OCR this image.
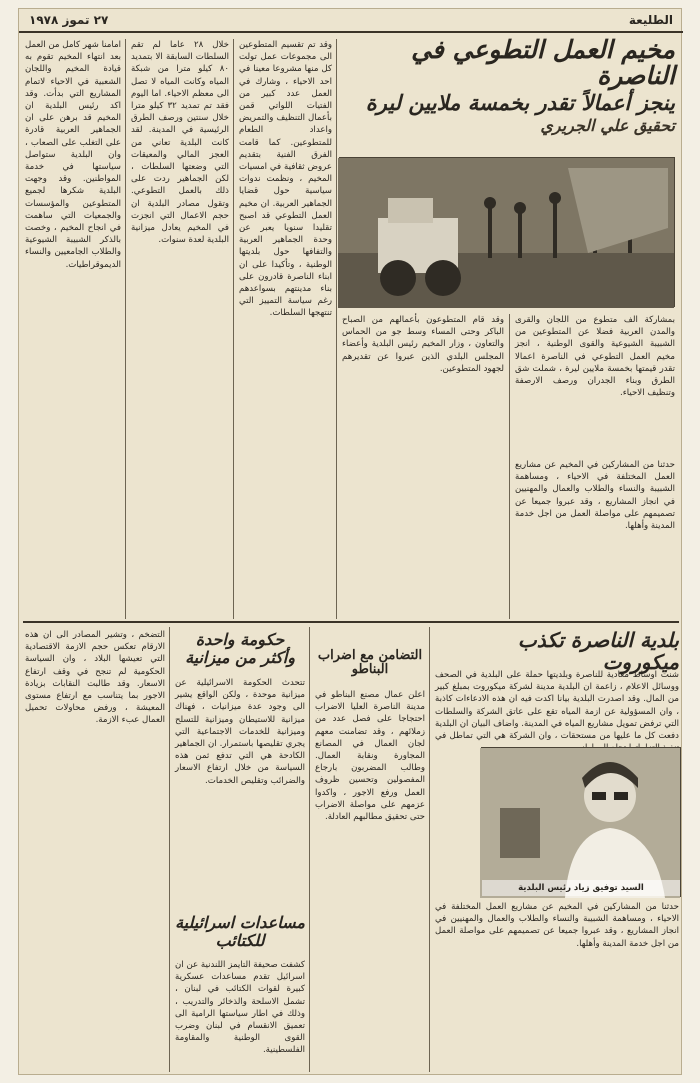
الطليعة
٢٧ تموز ١٩٧٨
مخيم العمل التطوعي في الناصرة
ينجز أعمالاً تقدر بخمسة ملايين ليرة
تحقيق علي الجريري

امامنا شهر كامل من العمل بعد انتهاء المخيم تقوم به قيادة المخيم واللجان الشعبية في الاحياء لاتمام المشاريع التي بدأت. وقد اكد رئيس البلدية ان المخيم قد برهن على ان الجماهير العربية قادرة على التغلب على الصعاب ، وان البلدية ستواصل سياستها في خدمة المواطنين. وقد وجهت البلدية شكرها لجميع المتطوعين والمؤسسات والجمعيات التي ساهمت في انجاح المخيم ، وخصت بالذكر الشبيبة الشيوعية والطلاب الجامعيين والنساء الديموقراطيات.

خلال ٢٨ عاما لم تقم السلطات السابقة الا بتمديد ٨٠ كيلو مترا من شبكة المياه وكانت المياه لا تصل الى معظم الاحياء. اما اليوم فقد تم تمديد ٣٢ كيلو مترا خلال سنتين ورصف الطرق الرئيسية في المدينة. لقد كانت البلدية تعاني من العجز المالي والمعيقات التي وضعتها السلطات ، لكن الجماهير ردت على ذلك بالعمل التطوعي. وتقول مصادر البلدية ان حجم الاعمال التي انجزت في المخيم يعادل ميزانية البلدية لعدة سنوات.

وقد تم تقسيم المتطوعين الى مجموعات عمل تولت كل منها مشروعا معينا في احد الاحياء ، وشارك في العمل عدد كبير من الفتيات اللواتي قمن بأعمال التنظيف والتمريض واعداد الطعام للمتطوعين. كما قامت الفرق الفنية بتقديم عروض ثقافية في امسيات المخيم ، ونظمت ندوات سياسية حول قضايا الجماهير العربية. ان مخيم العمل التطوعي قد اصبح تقليدا سنويا يعبر عن وحدة الجماهير العربية والتفافها حول بلديتها الوطنية ، وتأكيدا على ان ابناء الناصرة قادرون على بناء مدينتهم بسواعدهم رغم سياسة التمييز التي تنتهجها السلطات.

وقد قام المتطوعون بأعمالهم من الصباح الباكر وحتى المساء وسط جو من الحماس والتعاون ، وزار المخيم رئيس البلدية وأعضاء المجلس البلدي الذين عبروا عن تقديرهم لجهود المتطوعين.

بمشاركة الف متطوع من اللجان والقرى والمدن العربية فضلا عن المتطوعين من الشبيبة الشيوعية والقوى الوطنية ، انجز مخيم العمل التطوعي في الناصرة اعمالا تقدر قيمتها بخمسة ملايين ليرة ، شملت شق الطرق وبناء الجدران ورصف الارصفة وتنظيف الاحياء.

حدثنا من المشاركين في المخيم عن مشاريع العمل المختلفة في الاحياء ، ومساهمة الشبيبة والنساء والطلاب والعمال والمهنيين في انجاز المشاريع ، وقد عبروا جميعا عن تصميمهم على مواصلة العمل من اجل خدمة المدينة وأهلها.

بلدية الناصرة تكذب ميكوروت

شنت اوساط معادية للناصرة وبلديتها حملة على البلدية في الصحف ووسائل الاعلام ، زاعمة ان البلدية مدينة لشركة ميكوروت بمبلغ كبير من المال. وقد اصدرت البلدية بيانا اكدت فيه ان هذه الادعاءات كاذبة ، وان المسؤولية عن ازمة المياه تقع على عاتق الشركة والسلطات التي ترفض تمويل مشاريع المياه في المدينة. واضاف البيان ان البلدية دفعت كل ما عليها من مستحقات ، وان الشركة هي التي تماطل في

السيد توفيق زياد رئيس البلدية

حدثنا من المشاركين في المخيم عن مشاريع العمل المختلفة في الاحياء ، ومساهمة الشبيبة والنساء والطلاب والعمال والمهنيين في انجاز المشاريع ، وقد عبروا جميعا عن تصميمهم على مواصلة العمل من اجل خدمة المدينة وأهلها.

التضامن مع اضراب البناطو

اعلن عمال مصنع البناطو في مدينة الناصرة العليا الاضراب احتجاجا على فصل عدد من زملائهم ، وقد تضامنت معهم لجان العمال في المصانع المجاورة ونقابة العمال. وطالب المضربون بارجاع المفصولين وتحسين ظروف العمل ورفع الاجور ، واكدوا عزمهم على مواصلة الاضراب حتى تحقيق مطالبهم العادلة.

حكومة واحدة
وأكثر من ميزانية

تتحدث الحكومة الاسرائيلية عن ميزانية موحدة ، ولكن الواقع يشير الى وجود عدة ميزانيات ، فهناك ميزانية للاستيطان وميزانية للتسلح وميزانية للخدمات الاجتماعية التي يجري تقليصها باستمرار. ان الجماهير الكادحة هي التي تدفع ثمن هذه السياسة من خلال ارتفاع الاسعار والضرائب وتقليص الخدمات.

مساعدات اسرائيلية
للكتائب

كشفت صحيفة التايمز اللندنية عن ان اسرائيل تقدم مساعدات عسكرية كبيرة لقوات الكتائب في لبنان ، تشمل الاسلحة والذخائر والتدريب ، وذلك في اطار سياستها الرامية الى تعميق الانقسام في لبنان وضرب القوى الوطنية والمقاومة الفلسطينية.

التضخم ، وتشير المصادر الى ان هذه الارقام تعكس حجم الازمة الاقتصادية التي تعيشها البلاد ، وان السياسة الحكومية لم تنجح في وقف ارتفاع الاسعار. وقد طالبت النقابات بزيادة الاجور بما يتناسب مع ارتفاع مستوى المعيشة ، ورفض محاولات تحميل العمال عبء الازمة.
